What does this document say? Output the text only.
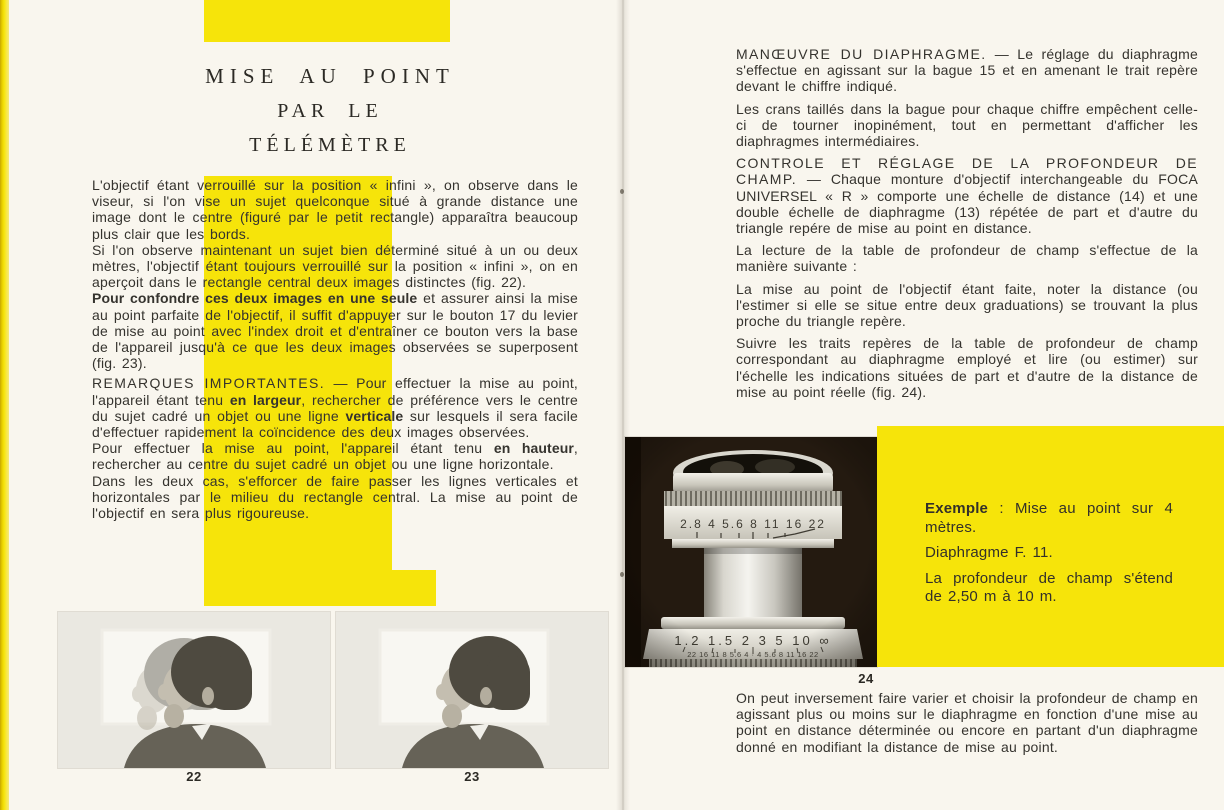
MISE AU POINT
PAR LE
TÉLÉMÈTRE

L'objectif étant verrouillé sur la position « infini », on observe dans le viseur, si l'on vise un sujet quelconque situé à grande distance une image dont le centre (figuré par le petit rectangle) apparaîtra beaucoup plus clair que les bords.

Si l'on observe maintenant un sujet bien déterminé situé à un ou deux mètres, l'objectif étant toujours verrouillé sur la position « infini », on en aperçoit dans le rectangle central deux images distinctes (fig. 22).

Pour confondre ces deux images en une seule et assurer ainsi la mise au point parfaite de l'objectif, il suffit d'appuyer sur le bouton 17 du levier de mise au point avec l'index droit et d'entraîner ce bouton vers la base de l'appareil jusqu'à ce que les deux images observées se superposent (fig. 23).

REMARQUES IMPORTANTES. — Pour effectuer la mise au point, l'appareil étant tenu en largeur, rechercher de préférence vers le centre du sujet cadré un objet ou une ligne verticale sur lesquels il sera facile d'effectuer rapidement la coïncidence des deux images observées.

Pour effectuer la mise au point, l'appareil étant tenu en hauteur, rechercher au centre du sujet cadré un objet ou une ligne horizontale.

Dans les deux cas, s'efforcer de faire passer les lignes verticales et horizontales par le milieu du rectangle central. La mise au point de l'objectif en sera plus rigoureuse.

22	23

MANŒUVRE DU DIAPHRAGME. — Le réglage du diaphragme s'effectue en agissant sur la bague 15 et en amenant le trait repère devant le chiffre indiqué.

Les crans taillés dans la bague pour chaque chiffre empêchent celle-ci de tourner inopinément, tout en permettant d'afficher les diaphragmes intermédiaires.

CONTROLE ET RÉGLAGE DE LA PROFONDEUR DE CHAMP. — Chaque monture d'objectif interchangeable du FOCA UNIVERSEL « R » comporte une échelle de distance (14) et une double échelle de diaphragme (13) répétée de part et d'autre du triangle repére de mise au point en distance.

La lecture de la table de profondeur de champ s'effectue de la manière suivante :

La mise au point de l'objectif étant faite, noter la distance (ou l'estimer si elle se situe entre deux graduations) se trouvant la plus proche du triangle repère.

Suivre les traits repères de la table de profondeur de champ correspondant au diaphragme employé et lire (ou estimer) sur l'échelle les indications situées de part et d'autre de la distance de mise au point réelle (fig. 24).

24
Exemple : Mise au point sur 4 mètres.
Diaphragme F. 11.
La profondeur de champ s'étend de 2,50 m à 10 m.

On peut inversement faire varier et choisir la profondeur de champ en agissant plus ou moins sur le diaphragme en fonction d'une mise au point en distance déterminée ou encore en partant d'un diaphragme donné en modifiant la distance de mise au point.
